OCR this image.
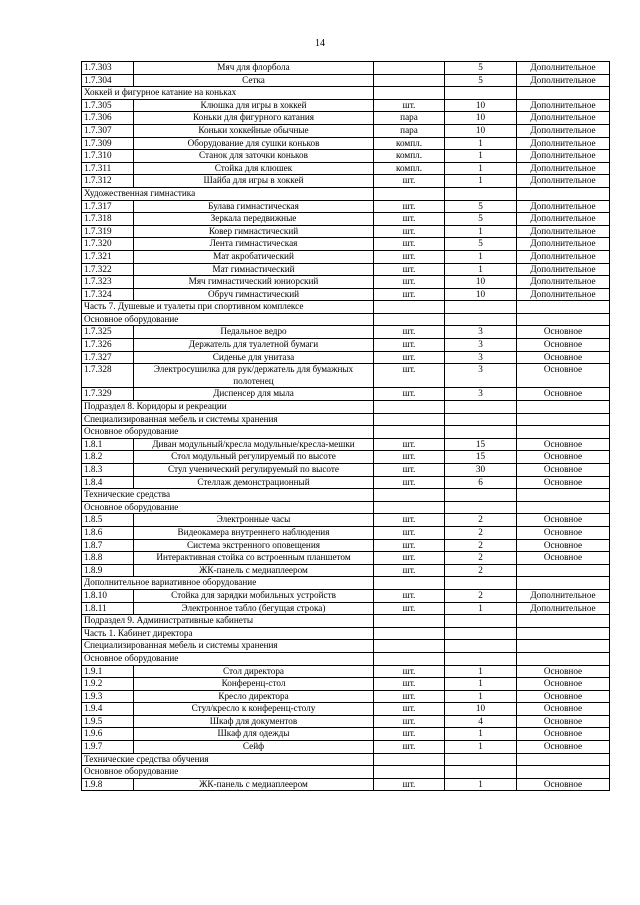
14
1.7.303	Мяч для флорбола		5	Дополнительное
1.7.304	Сетка		5	Дополнительное
Хоккей и фигурное катание на коньках				
1.7.305	Клюшка для игры в хоккей	шт.	10	Дополнительное
1.7.306	Коньки для фигурного катания	пара	10	Дополнительное
1.7.307	Коньки хоккейные обычные	пара	10	Дополнительное
1.7.309	Оборудование для сушки коньков	компл.	1	Дополнительное
1.7.310	Станок для заточки коньков	компл.	1	Дополнительное
1.7.311	Стойка для клюшек	компл.	1	Дополнительное
1.7.312	Шайба для игры в хоккей	шт.	1	Дополнительное
Художественная гимнастика				
1.7.317	Булава гимнастическая	шт.	5	Дополнительное
1.7.318	Зеркала передвижные	шт.	5	Дополнительное
1.7.319	Ковер гимнастический	шт.	1	Дополнительное
1.7.320	Лента гимнастическая	шт.	5	Дополнительное
1.7.321	Мат акробатический	шт.	1	Дополнительное
1.7.322	Мат гимнастический	шт.	1	Дополнительное
1.7.323	Мяч гимнастический юниорский	шт.	10	Дополнительное
1.7.324	Обруч гимнастический	шт.	10	Дополнительное
Часть 7. Душевые и туалеты при спортивном комплексе				
Основное оборудование				
1.7.325	Педальное ведро	шт.	3	Основное
1.7.326	Держатель для туалетной бумаги	шт.	3	Основное
1.7.327	Сиденье для унитаза	шт.	3	Основное
1.7.328	Электросушилка для рук/держатель для бумажных полотенец	шт.	3	Основное
1.7.329	Диспенсер для мыла	шт.	3	Основное
Подраздел 8. Коридоры и рекреации				
Специализированная мебель и системы хранения				
Основное оборудование				
1.8.1	Диван модульный/кресла модульные/кресла-мешки	шт.	15	Основное
1.8.2	Стол модульный регулируемый по высоте	шт.	15	Основное
1.8.3	Стул ученический регулируемый по высоте	шт.	30	Основное
1.8.4	Стеллаж демонстрационный	шт.	6	Основное
Технические средства				
Основное оборудование				
1.8.5	Электронные часы	шт.	2	Основное
1.8.6	Видеокамера внутреннего наблюдения	шт.	2	Основное
1.8.7	Система экстренного оповещения	шт.	2	Основное
1.8.8	Интерактивная стойка со встроенным планшетом	шт.	2	Основное
1.8.9	ЖК-панель с медиаплеером	шт.	2	
Дополнительное вариативное оборудование				
1.8.10	Стойка для зарядки мобильных устройств	шт.	2	Дополнительное
1.8.11	Электронное табло (бегущая строка)	шт.	1	Дополнительное
Подраздел 9. Административные кабинеты				
Часть 1. Кабинет директора				
Специализированная мебель и системы хранения				
Основное оборудование				
1.9.1	Стол директора	шт.	1	Основное
1.9.2	Конференц-стол	шт.	1	Основное
1.9.3	Кресло директора	шт.	1	Основное
1.9.4	Стул/кресло к конференц-столу	шт.	10	Основное
1.9.5	Шкаф для документов	шт.	4	Основное
1.9.6	Шкаф для одежды	шт.	1	Основное
1.9.7	Сейф	шт.	1	Основное
Технические средства обучения				
Основное оборудование				
1.9.8	ЖК-панель с медиаплеером	шт.	1	Основное
